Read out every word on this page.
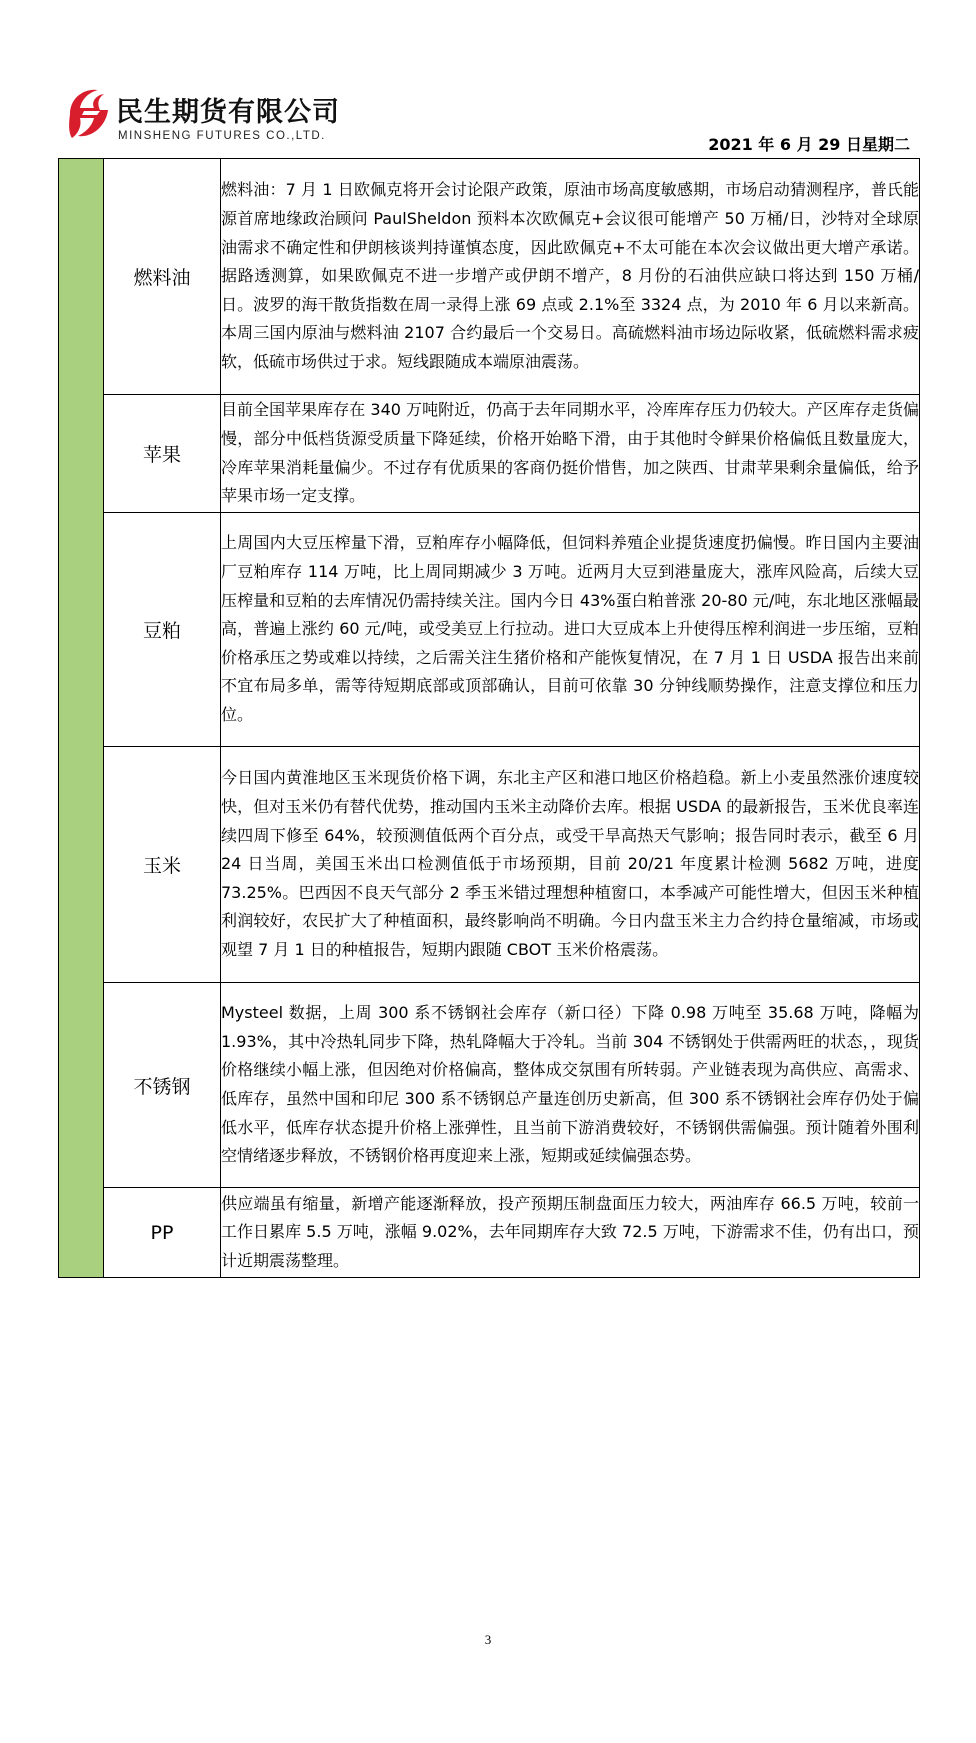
民生期货有限公司
MINSHENG FUTURES CO.,LTD.	2021 年 6 月 29 日星期二
	燃料油	燃料油：7 月 1 日欧佩克将开会讨论限产政策，原油市场高度敏感期，市场启动猜测程序，普氏能源首席地缘政治顾问 PaulSheldon 预料本次欧佩克+会议很可能增产 50 万桶/日，沙特对全球原油需求不确定性和伊朗核谈判持谨慎态度，因此欧佩克+不太可能在本次会议做出更大增产承诺。据路透测算，如果欧佩克不进一步增产或伊朗不增产，8 月份的石油供应缺口将达到 150 万桶/日。波罗的海干散货指数在周一录得上涨 69 点或 2.1%至 3324 点，为 2010 年 6 月以来新高。本周三国内原油与燃料油 2107 合约最后一个交易日。高硫燃料油市场边际收紧，低硫燃料需求疲软，低硫市场供过于求。短线跟随成本端原油震荡。
	苹果	目前全国苹果库存在 340 万吨附近，仍高于去年同期水平，冷库库存压力仍较大。产区库存走货偏慢，部分中低档货源受质量下降延续，价格开始略下滑，由于其他时令鲜果价格偏低且数量庞大，冷库苹果消耗量偏少。不过存有优质果的客商仍挺价惜售，加之陕西、甘肃苹果剩余量偏低，给予苹果市场一定支撑。
	豆粕	上周国内大豆压榨量下滑，豆粕库存小幅降低，但饲料养殖企业提货速度扔偏慢。昨日国内主要油厂豆粕库存 114 万吨，比上周同期减少 3 万吨。近两月大豆到港量庞大，涨库风险高，后续大豆压榨量和豆粕的去库情况仍需持续关注。国内今日 43%蛋白粕普涨 20-80 元/吨，东北地区涨幅最高，普遍上涨约 60 元/吨，或受美豆上行拉动。进口大豆成本上升使得压榨利润进一步压缩，豆粕价格承压之势或难以持续，之后需关注生猪价格和产能恢复情况，在 7 月 1 日 USDA 报告出来前不宜布局多单，需等待短期底部或顶部确认，目前可依靠 30 分钟线顺势操作，注意支撑位和压力位。
	玉米	今日国内黄淮地区玉米现货价格下调，东北主产区和港口地区价格趋稳。新上小麦虽然涨价速度较快，但对玉米仍有替代优势，推动国内玉米主动降价去库。根据 USDA 的最新报告，玉米优良率连续四周下修至 64%，较预测值低两个百分点，或受干旱高热天气影响；报告同时表示，截至 6 月 24 日当周，美国玉米出口检测值低于市场预期，目前 20/21 年度累计检测 5682 万吨，进度 73.25%。巴西因不良天气部分 2 季玉米错过理想种植窗口，本季减产可能性增大，但因玉米种植利润较好，农民扩大了种植面积，最终影响尚不明确。今日内盘玉米主力合约持仓量缩减，市场或观望 7 月 1 日的种植报告，短期内跟随 CBOT 玉米价格震荡。
	不锈钢	Mysteel 数据，上周 300 系不锈钢社会库存（新口径）下降 0.98 万吨至 35.68 万吨，降幅为 1.93%，其中冷热轧同步下降，热轧降幅大于冷轧。当前 304 不锈钢处于供需两旺的状态，，现货价格继续小幅上涨，但因绝对价格偏高，整体成交氛围有所转弱。产业链表现为高供应、高需求、低库存，虽然中国和印尼 300 系不锈钢总产量连创历史新高，但 300 系不锈钢社会库存仍处于偏低水平，低库存状态提升价格上涨弹性，且当前下游消费较好，不锈钢供需偏强。预计随着外围利空情绪逐步释放，不锈钢价格再度迎来上涨，短期或延续偏强态势。
	PP	供应端虽有缩量，新增产能逐渐释放，投产预期压制盘面压力较大，两油库存 66.5 万吨，较前一工作日累库 5.5 万吨，涨幅 9.02%，去年同期库存大致 72.5 万吨，下游需求不佳，仍有出口，预计近期震荡整理。
3
